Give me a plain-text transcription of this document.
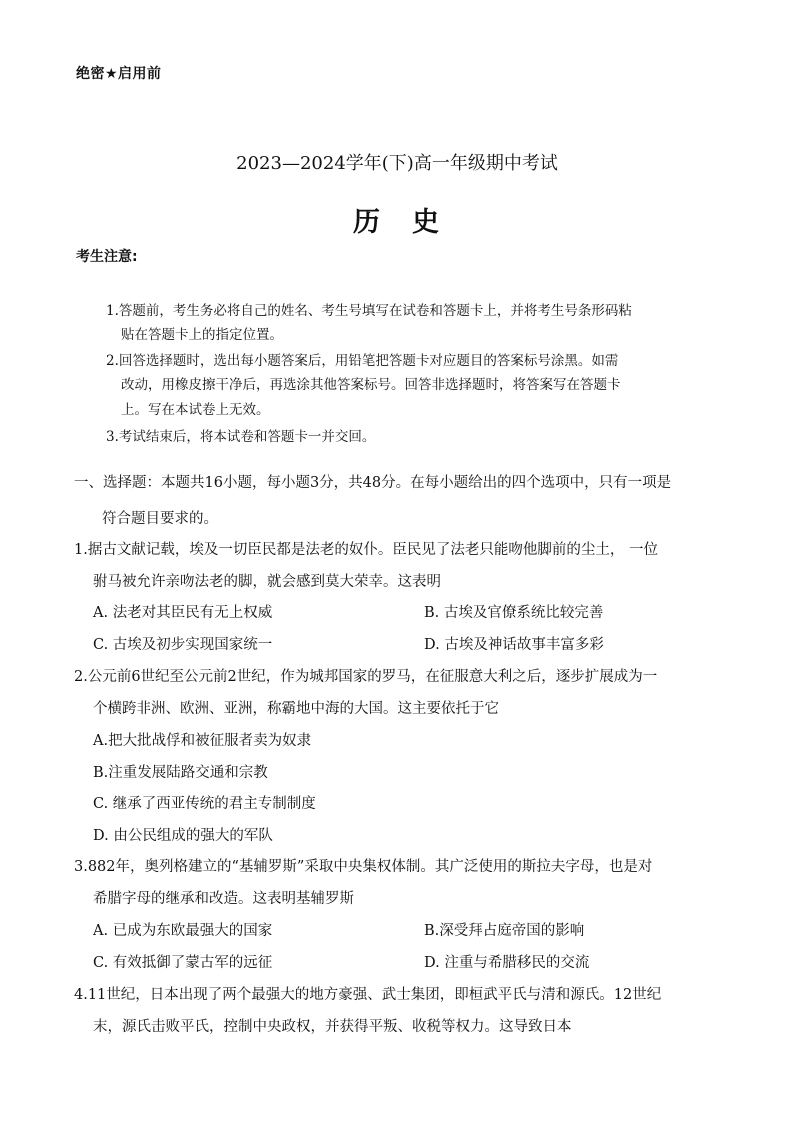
绝密★启用前
2023—2024学年(下)高一年级期中考试
历 史
考生注意:
1.答题前，考生务必将自己的姓名、考生号填写在试卷和答题卡上，并将考生号条形码粘
贴在答题卡上的指定位置。
2.回答选择题时，选出每小题答案后，用铅笔把答题卡对应题目的答案标号涂黑。如需
改动，用橡皮擦干净后，再选涂其他答案标号。回答非选择题时，将答案写在答题卡
上。写在本试卷上无效。
3.考试结束后，将本试卷和答题卡一并交回。
一、选择题：本题共16小题，每小题3分，共48分。在每小题给出的四个选项中，只有一项是
符合题目要求的。
1.据古文献记载，埃及一切臣民都是法老的奴仆。臣民见了法老只能吻他脚前的尘土， 一位
驸马被允许亲吻法老的脚，就会感到莫大荣幸。这表明
A. 法老对其臣民有无上权威	B. 古埃及官僚系统比较完善
C. 古埃及初步实现国家统一	D. 古埃及神话故事丰富多彩
2.公元前6世纪至公元前2世纪，作为城邦国家的罗马，在征服意大利之后，逐步扩展成为一
个横跨非洲、欧洲、亚洲，称霸地中海的大国。这主要依托于它
A.把大批战俘和被征服者卖为奴隶
B.注重发展陆路交通和宗教
C. 继承了西亚传统的君主专制制度
D. 由公民组成的强大的军队
3.882年，奥列格建立的“基辅罗斯”采取中央集权体制。其广泛使用的斯拉夫字母，也是对
希腊字母的继承和改造。这表明基辅罗斯
A. 已成为东欧最强大的国家	B.深受拜占庭帝国的影响
C. 有效抵御了蒙古军的远征	D. 注重与希腊移民的交流
4.11世纪，日本出现了两个最强大的地方豪强、武士集团，即桓武平氏与清和源氏。12世纪
末，源氏击败平氏，控制中央政权，并获得平叛、收税等权力。这导致日本
